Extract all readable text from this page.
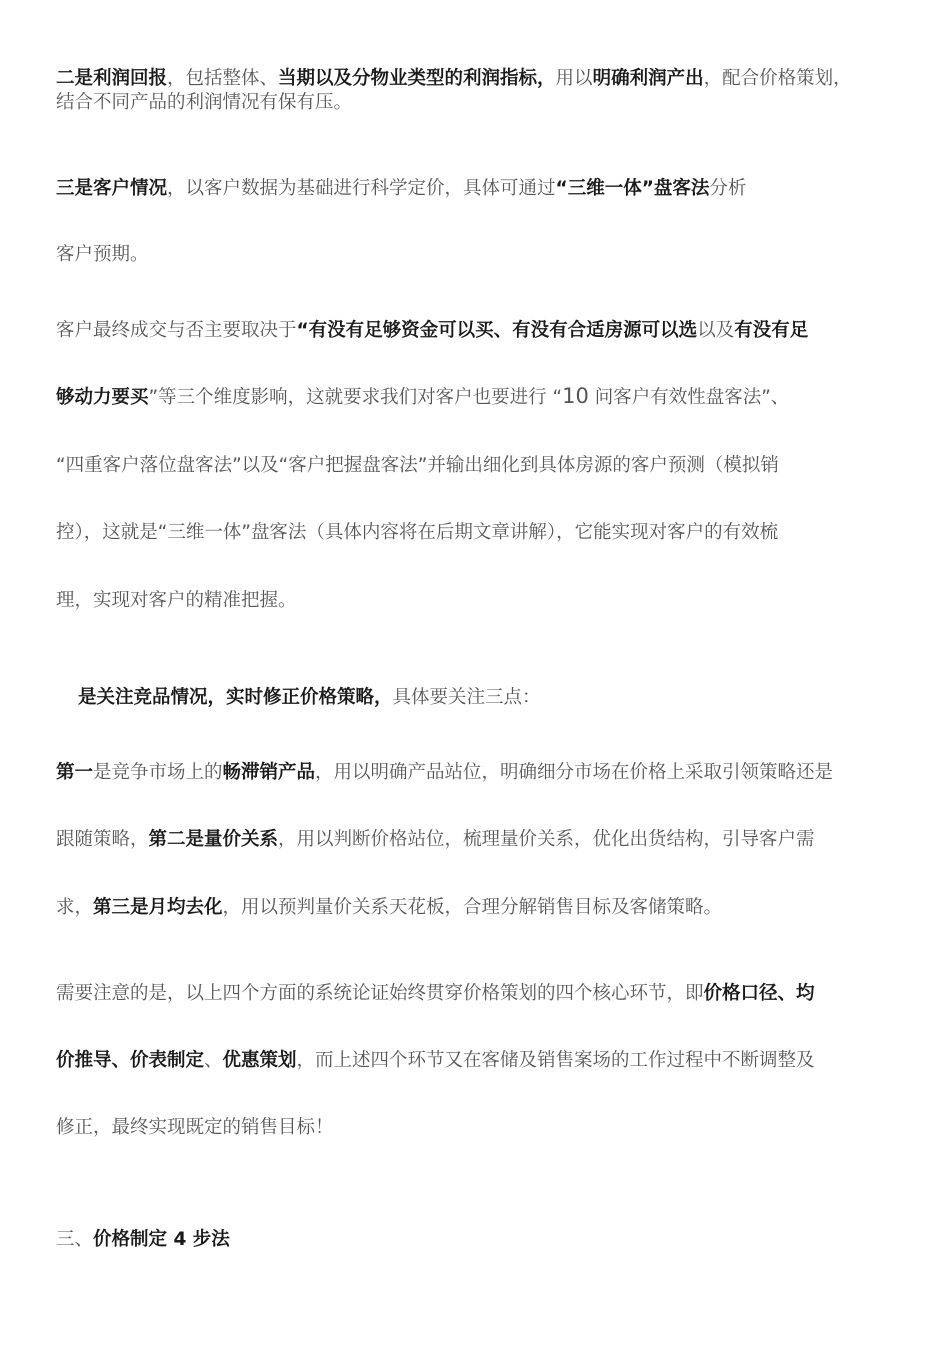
二是利润回报，包括整体、当期以及分物业类型的利润指标，用以明确利润产出，配合价格策划，

结合不同产品的利润情况有保有压。

三是客户情况，以客户数据为基础进行科学定价，具体可通过“三维一体”盘客法分析

客户预期。

客户最终成交与否主要取决于“有没有足够资金可以买、有没有合适房源可以选以及有没有足

够动力要买”等三个维度影响，这就要求我们对客户也要进行 “10 问客户有效性盘客法”、

“四重客户落位盘客法”以及“客户把握盘客法”并输出细化到具体房源的客户预测（模拟销

控），这就是“三维一体”盘客法（具体内容将在后期文章讲解），它能实现对客户的有效梳

理，实现对客户的精准把握。

是关注竞品情况，实时修正价格策略，具体要关注三点：

第一是竞争市场上的畅滞销产品，用以明确产品站位，明确细分市场在价格上采取引领策略还是

跟随策略，第二是量价关系，用以判断价格站位，梳理量价关系，优化出货结构，引导客户需

求，第三是月均去化，用以预判量价关系天花板，合理分解销售目标及客储策略。

需要注意的是，以上四个方面的系统论证始终贯穿价格策划的四个核心环节，即价格口径、均

价推导、价表制定、优惠策划，而上述四个环节又在客储及销售案场的工作过程中不断调整及

修正，最终实现既定的销售目标！

三、价格制定 4 步法
